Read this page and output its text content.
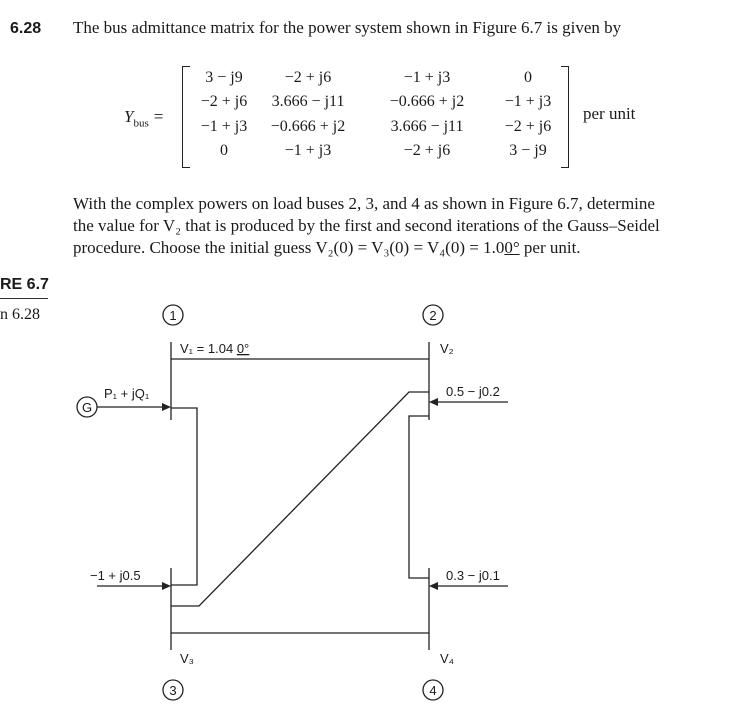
6.28 The bus admittance matrix for the power system shown in Figure 6.7 is given by
$Y_{bus}$ =
3 − j9	−2 + j6	−1 + j3	0
−2 + j6	3.666 − j11	−0.666 + j2	−1 + j3
−1 + j3	−0.666 + j2	3.666 − j11	−2 + j6
0	−1 + j3	−2 + j6	3 − j9
per unit
With the complex powers on load buses 2, 3, and 4 as shown in Figure 6.7, determine
the value for V₂ that is produced by the first and second iterations of the Gauss–Seidel
procedure. Choose the initial guess V₂(0) = V₃(0) = V₄(0) = 1.00° per unit.
RE 6.7
n 6.28	1	2
3	4
V₁ = 1.04 0°	V₂
V₃	V₄
G
P₁ + jQ₁	0.5 − j0.2
−1 + j0.5	0.3 − j0.1
